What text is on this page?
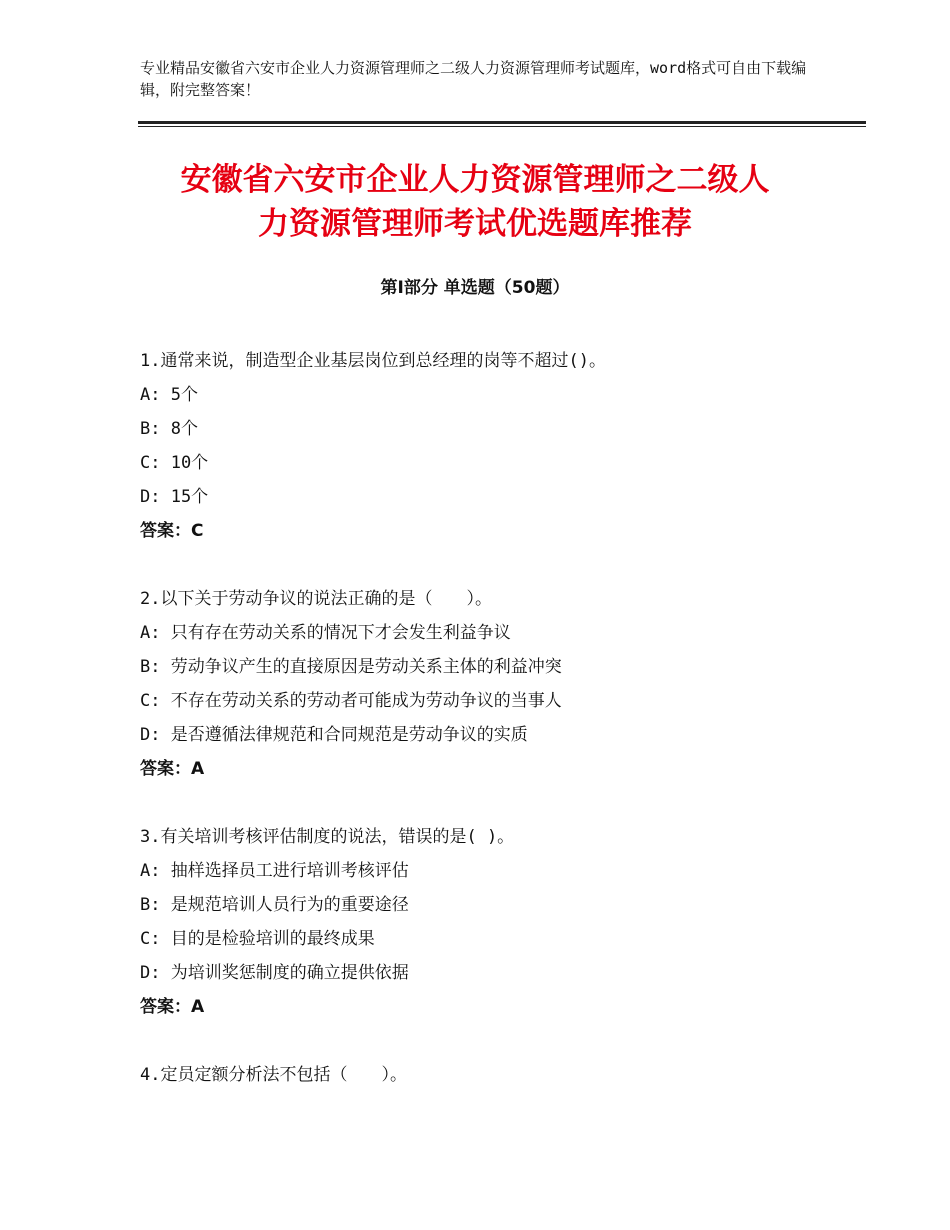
专业精品安徽省六安市企业人力资源管理师之二级人力资源管理师考试题库，word格式可自由下载编辑，附完整答案！
安徽省六安市企业人力资源管理师之二级人
力资源管理师考试优选题库推荐
第Ⅰ部分 单选题（50题）
1.通常来说，制造型企业基层岗位到总经理的岗等不超过()。
A: 5个
B: 8个
C: 10个
D: 15个
答案：C
2.以下关于劳动争议的说法正确的是（　　）。
A: 只有存在劳动关系的情况下才会发生利益争议
B: 劳动争议产生的直接原因是劳动关系主体的利益冲突
C: 不存在劳动关系的劳动者可能成为劳动争议的当事人
D: 是否遵循法律规范和合同规范是劳动争议的实质
答案：A
3.有关培训考核评估制度的说法，错误的是( )。
A: 抽样选择员工进行培训考核评估
B: 是规范培训人员行为的重要途径
C: 目的是检验培训的最终成果
D: 为培训奖惩制度的确立提供依据
答案：A
4.定员定额分析法不包括（　　）。
